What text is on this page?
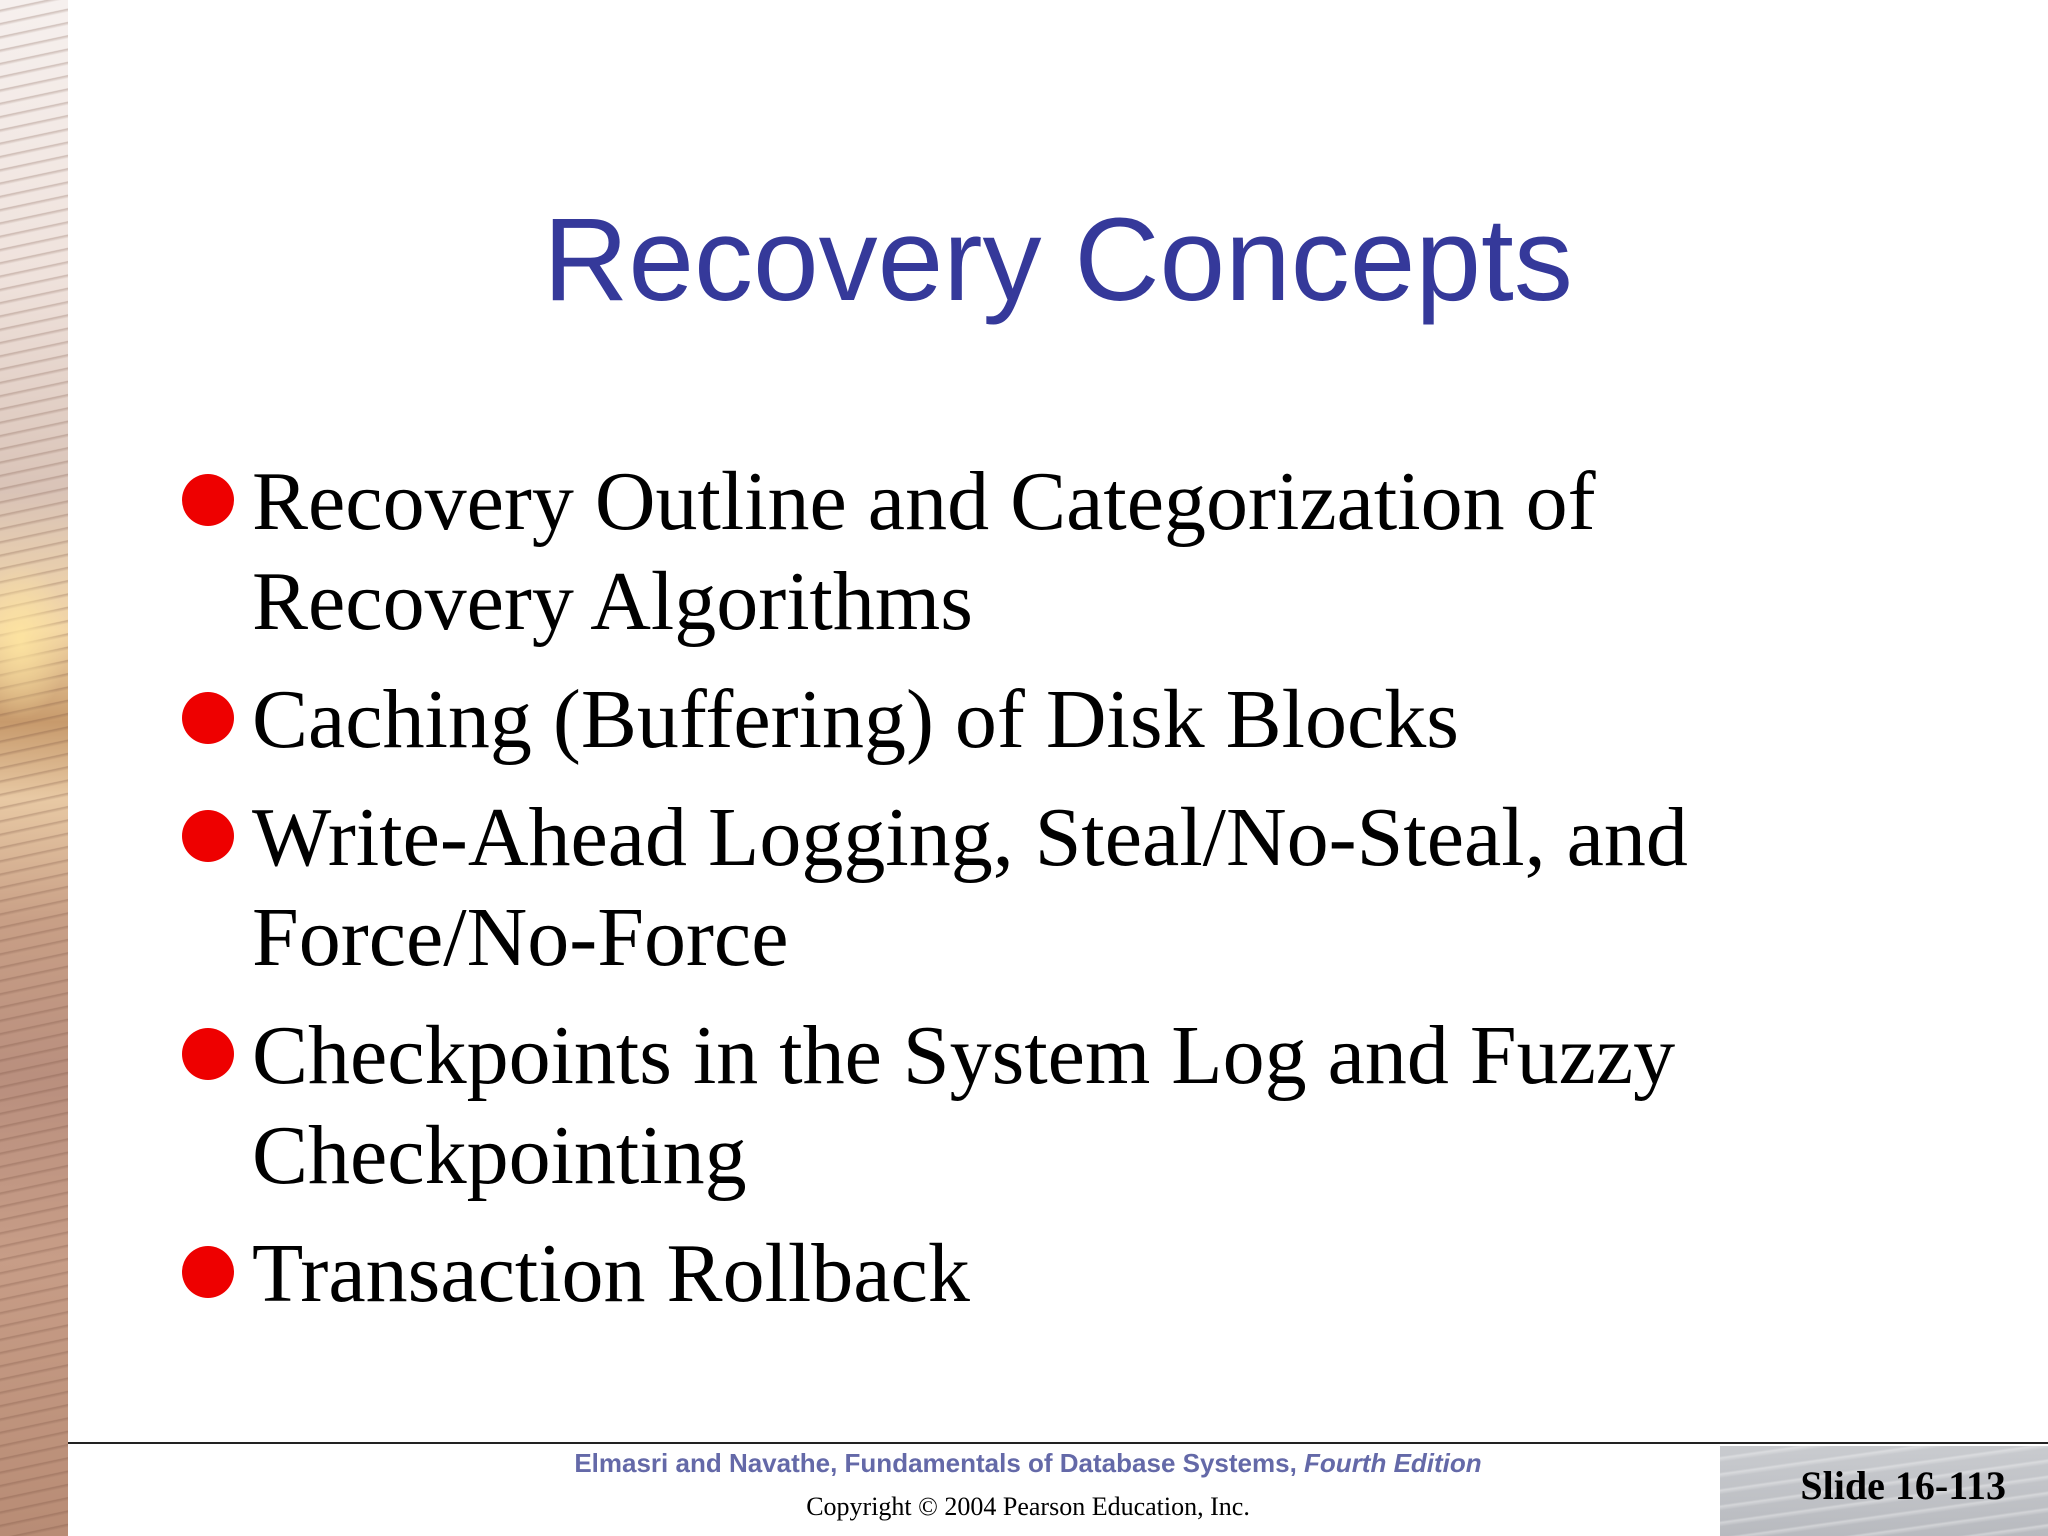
Recovery Concepts
Recovery Outline and Categorization of Recovery Algorithms
Caching (Buffering) of Disk Blocks
Write-Ahead Logging, Steal/No-Steal, and Force/No-Force
Checkpoints in the System Log and Fuzzy Checkpointing
Transaction Rollback
Elmasri and Navathe, Fundamentals of Database Systems, Fourth Edition
Copyright © 2004 Pearson Education, Inc.	Slide 16-113
